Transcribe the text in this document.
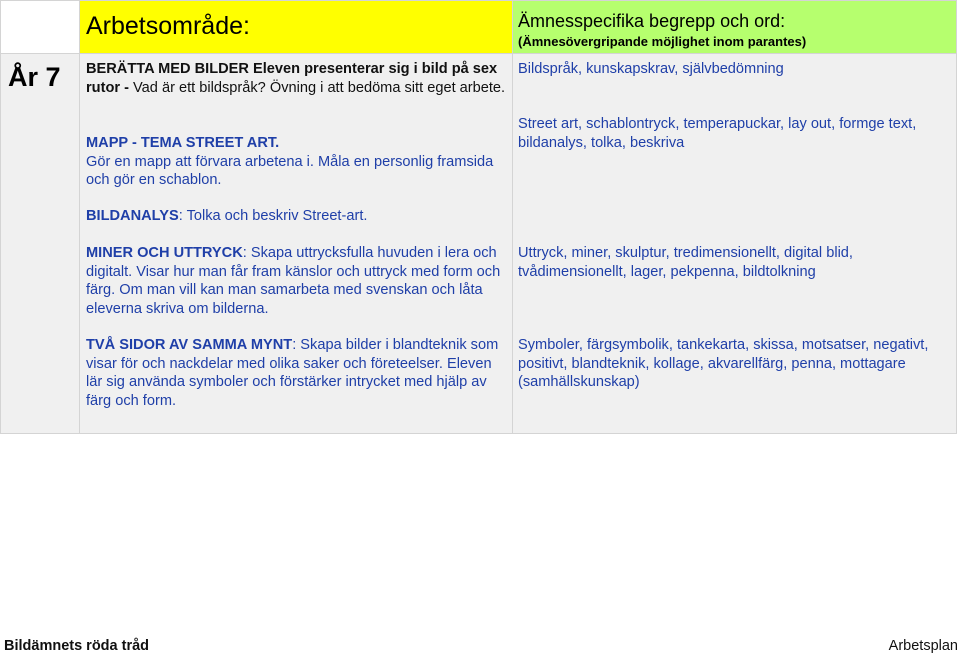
Arbetsområde:	Ämnesspecifika begrepp och ord:
(Ämnesövergripande möjlighet inom parantes)
År 7 BERÄTTA MED BILDER Eleven presenterar sig i bild på sex rutor - Vad är ett bildspråk? Övning i att bedöma sitt eget arbete.

MAPP - TEMA STREET ART.
Gör en mapp att förvara arbetena i. Måla en personlig framsida och gör en schablon.

BILDANALYS: Tolka och beskriv Street-art.

MINER OCH UTTRYCK: Skapa uttrycksfulla huvuden i lera och digitalt. Visar hur man får fram känslor och uttryck med form och färg. Om man vill kan man samarbeta med svenskan och låta eleverna skriva om bilderna.

TVÅ SIDOR AV SAMMA MYNT: Skapa bilder i blandteknik som visar för och nackdelar med olika saker och företeelser. Eleven lär sig använda symboler och förstärker intrycket med hjälp av färg och form.

Bildspråk, kunskapskrav, självbedömning

Street art, schablontryck, temperapuckar, lay out, formge text, bildanalys, tolka, beskriva

Uttryck, miner, skulptur, tredimensionellt, digital blid, tvådimensionellt, lager, pekpenna, bildtolkning

Symboler, färgsymbolik, tankekarta, skissa, motsatser, negativt, positivt, blandteknik, kollage, akvarellfärg, penna, mottagare (samhällskunskap)

Bildämnets röda tråd	Arbetsplan
